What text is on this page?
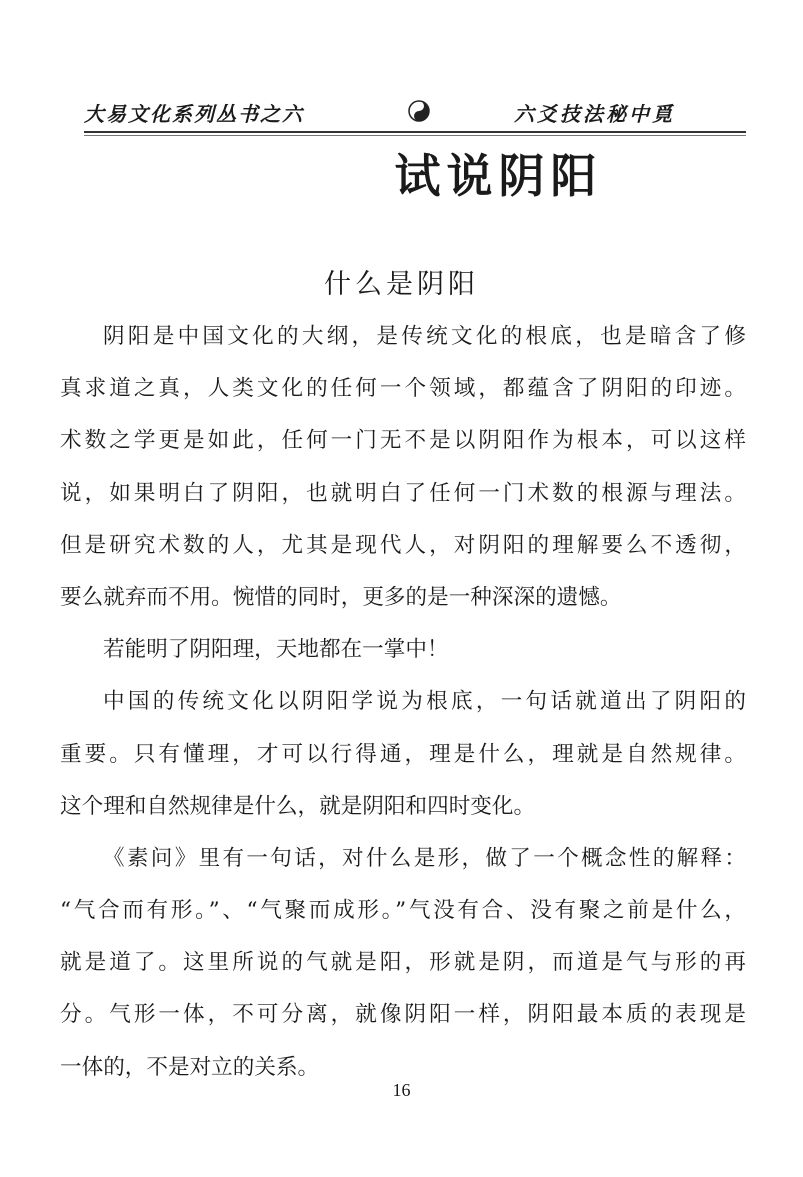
大易文化系列丛书之六	六爻技法秘中覓
试说阴阳
什么是阴阳
阴阳是中国文化的大纲，是传统文化的根底，也是暗含了修
真求道之真，人类文化的任何一个领域，都蕴含了阴阳的印迹。
术数之学更是如此，任何一门无不是以阴阳作为根本，可以这样
说，如果明白了阴阳，也就明白了任何一门术数的根源与理法。
但是研究术数的人，尤其是现代人，对阴阳的理解要么不透彻，
要么就弃而不用。惋惜的同时，更多的是一种深深的遗憾。
若能明了阴阳理，天地都在一掌中！
中国的传统文化以阴阳学说为根底，一句话就道出了阴阳的
重要。只有懂理，才可以行得通，理是什么，理就是自然规律。
这个理和自然规律是什么，就是阴阳和四时变化。
《素问》里有一句话，对什么是形，做了一个概念性的解释：
“气合而有形。”、“气聚而成形。”气没有合、没有聚之前是什么，
就是道了。这里所说的气就是阳，形就是阴，而道是气与形的再
分。气形一体，不可分离，就像阴阳一样，阴阳最本质的表现是
一体的，不是对立的关系。
16
